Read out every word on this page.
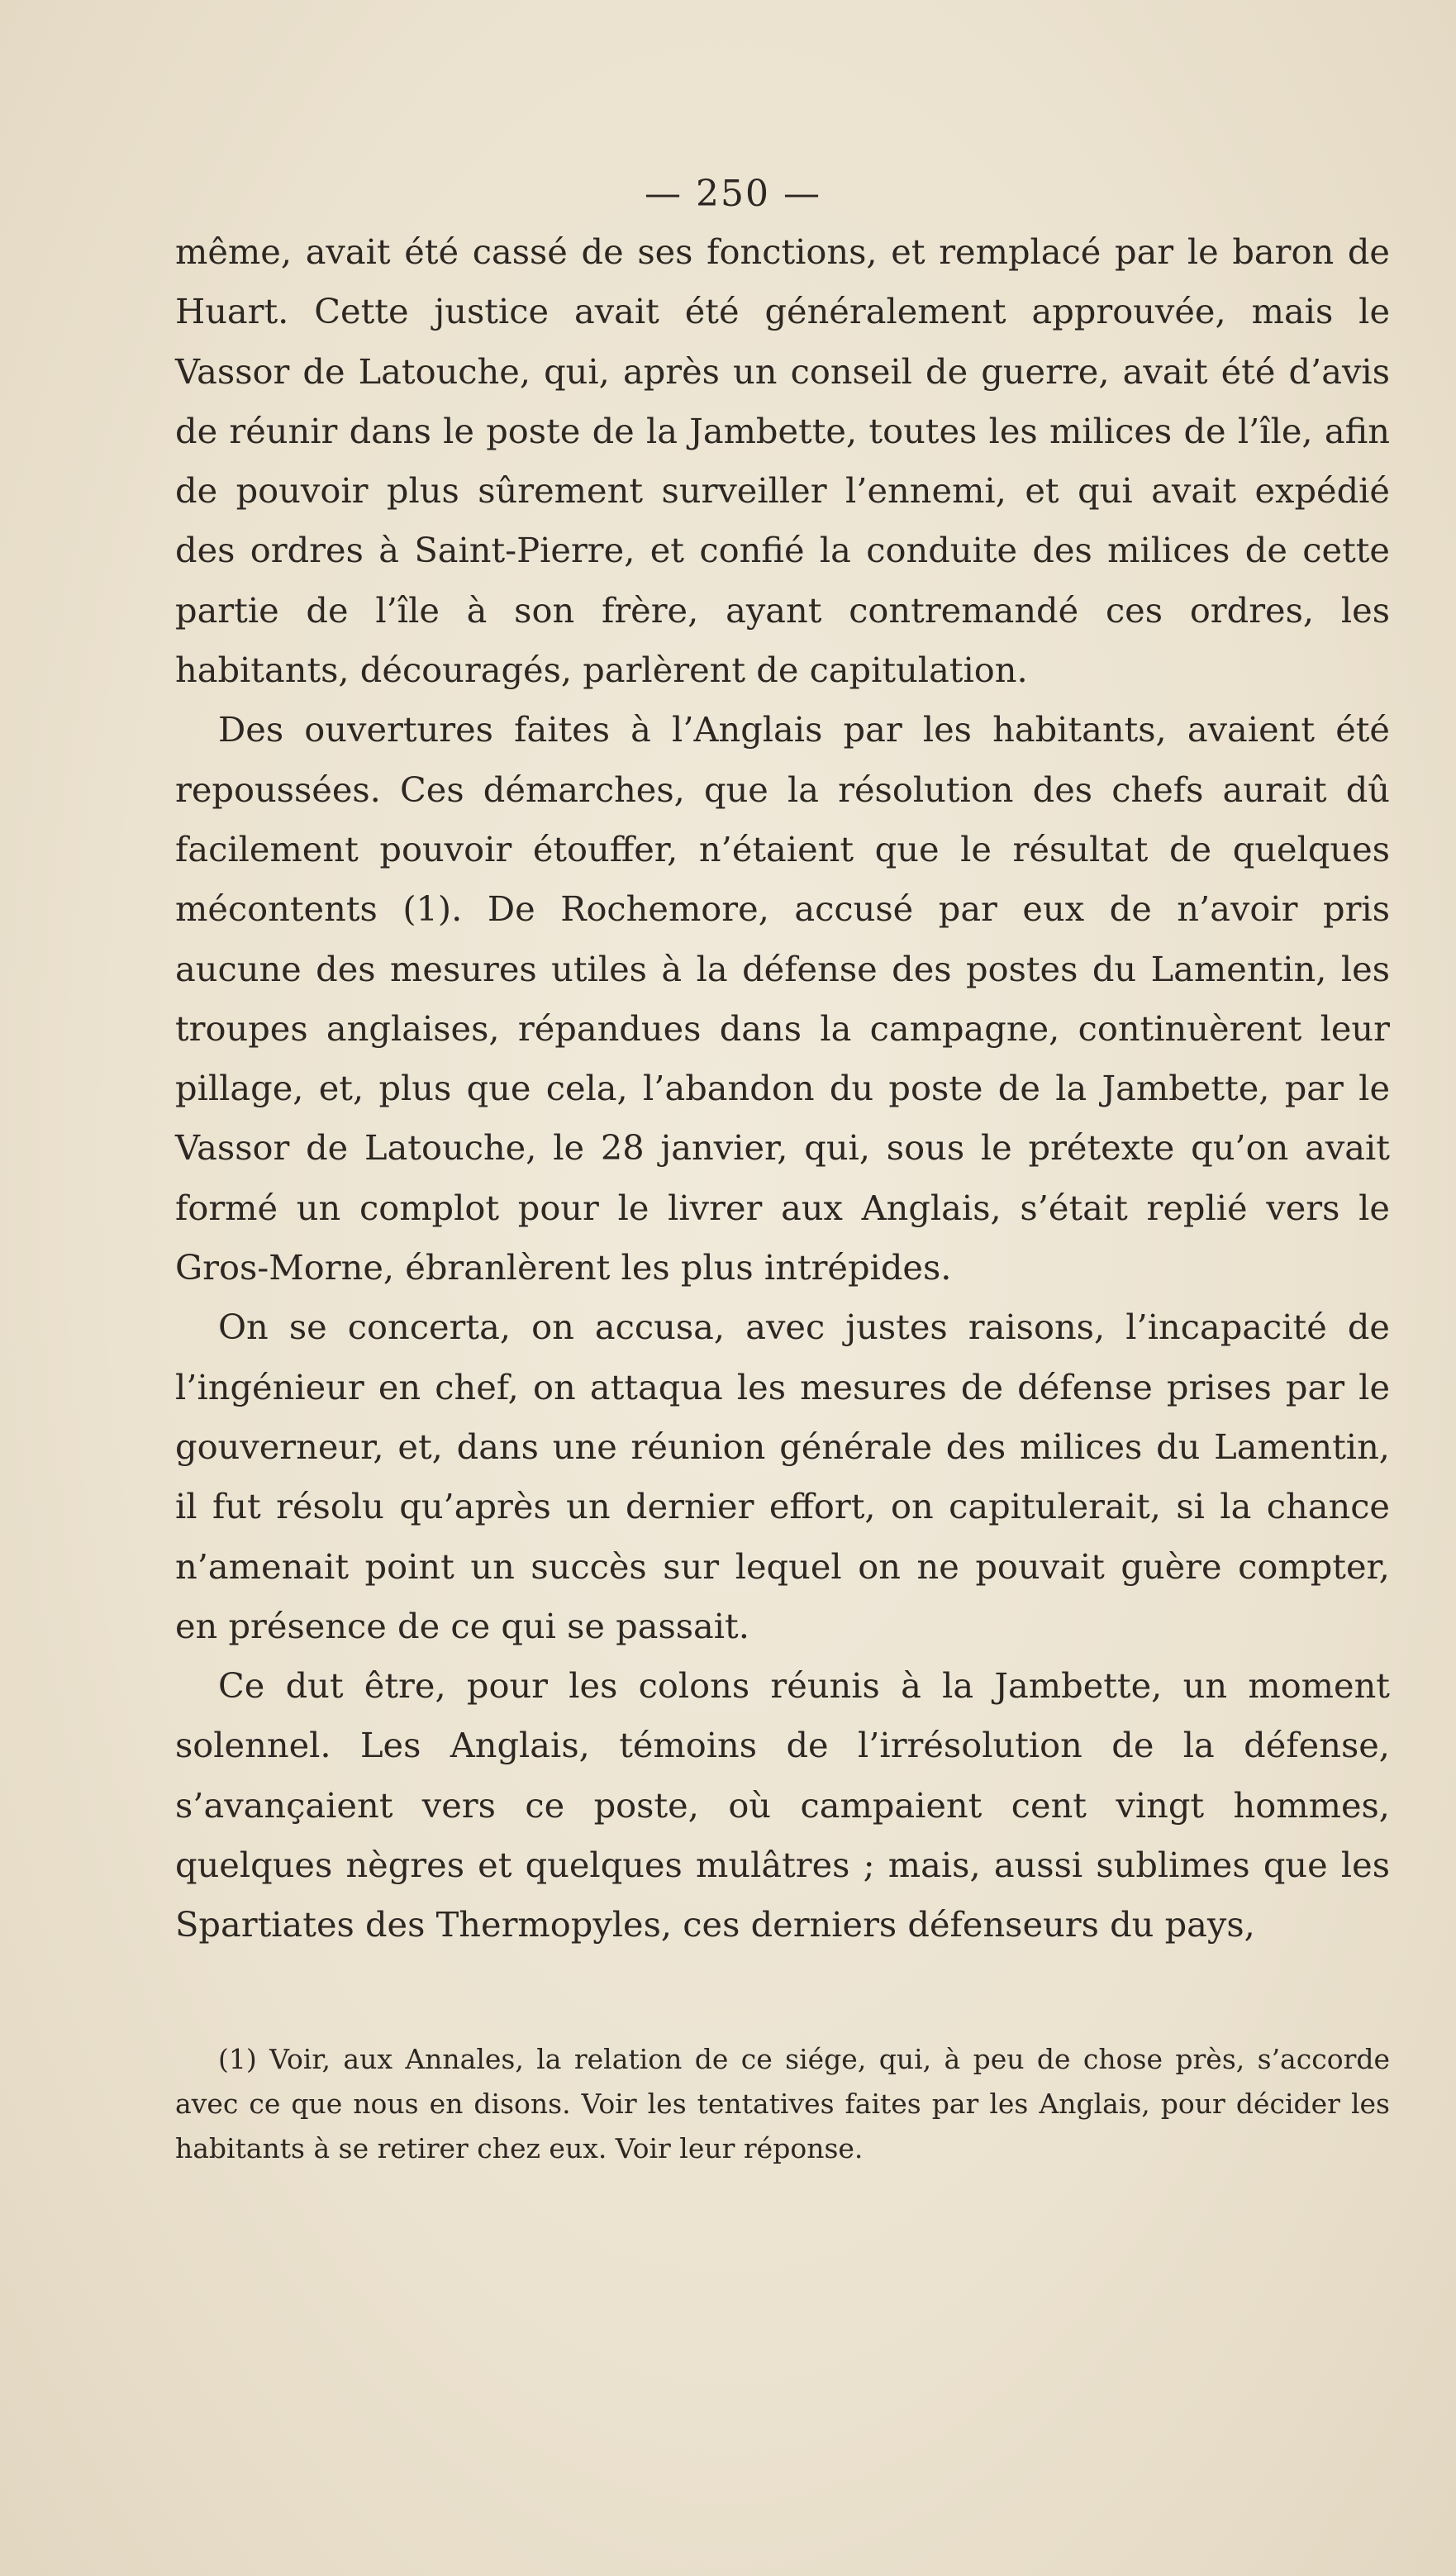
— 250 —

même, avait été cassé de ses fonctions, et remplacé par le baron de Huart. Cette justice avait été généralement approuvée, mais le Vassor de Latouche, qui, après un conseil de guerre, avait été d’avis de réunir dans le poste de la Jambette, toutes les milices de l’île, afin de pouvoir plus sûrement surveiller l’ennemi, et qui avait expédié des ordres à Saint-Pierre, et confié la conduite des milices de cette partie de l’île à son frère, ayant contremandé ces ordres, les habitants, découragés, parlèrent de capitulation.

Des ouvertures faites à l’Anglais par les habitants, avaient été repoussées. Ces démarches, que la résolution des chefs aurait dû facilement pouvoir étouffer, n’étaient que le résultat de quelques mécontents (1). De Rochemore, accusé par eux de n’avoir pris aucune des mesures utiles à la défense des postes du Lamentin, les troupes anglaises, répandues dans la campagne, continuèrent leur pillage, et, plus que cela, l’abandon du poste de la Jambette, par le Vassor de Latouche, le 28 janvier, qui, sous le prétexte qu’on avait formé un complot pour le livrer aux Anglais, s’était replié vers le Gros-Morne, ébranlèrent les plus intrépides.

On se concerta, on accusa, avec justes raisons, l’incapacité de l’ingénieur en chef, on attaqua les mesures de défense prises par le gouverneur, et, dans une réunion générale des milices du Lamentin, il fut résolu qu’après un dernier effort, on capitulerait, si la chance n’amenait point un succès sur lequel on ne pouvait guère compter, en présence de ce qui se passait.

Ce dut être, pour les colons réunis à la Jambette, un moment solennel. Les Anglais, témoins de l’irrésolution de la défense, s’avançaient vers ce poste, où campaient cent vingt hommes, quelques nègres et quelques mulâtres ; mais, aussi sublimes que les Spartiates des Thermopyles, ces derniers défenseurs du pays,

(1) Voir, aux Annales, la relation de ce siége, qui, à peu de chose près, s’accorde avec ce que nous en disons. Voir les tentatives faites par les Anglais, pour décider les habitants à se retirer chez eux. Voir leur réponse.
